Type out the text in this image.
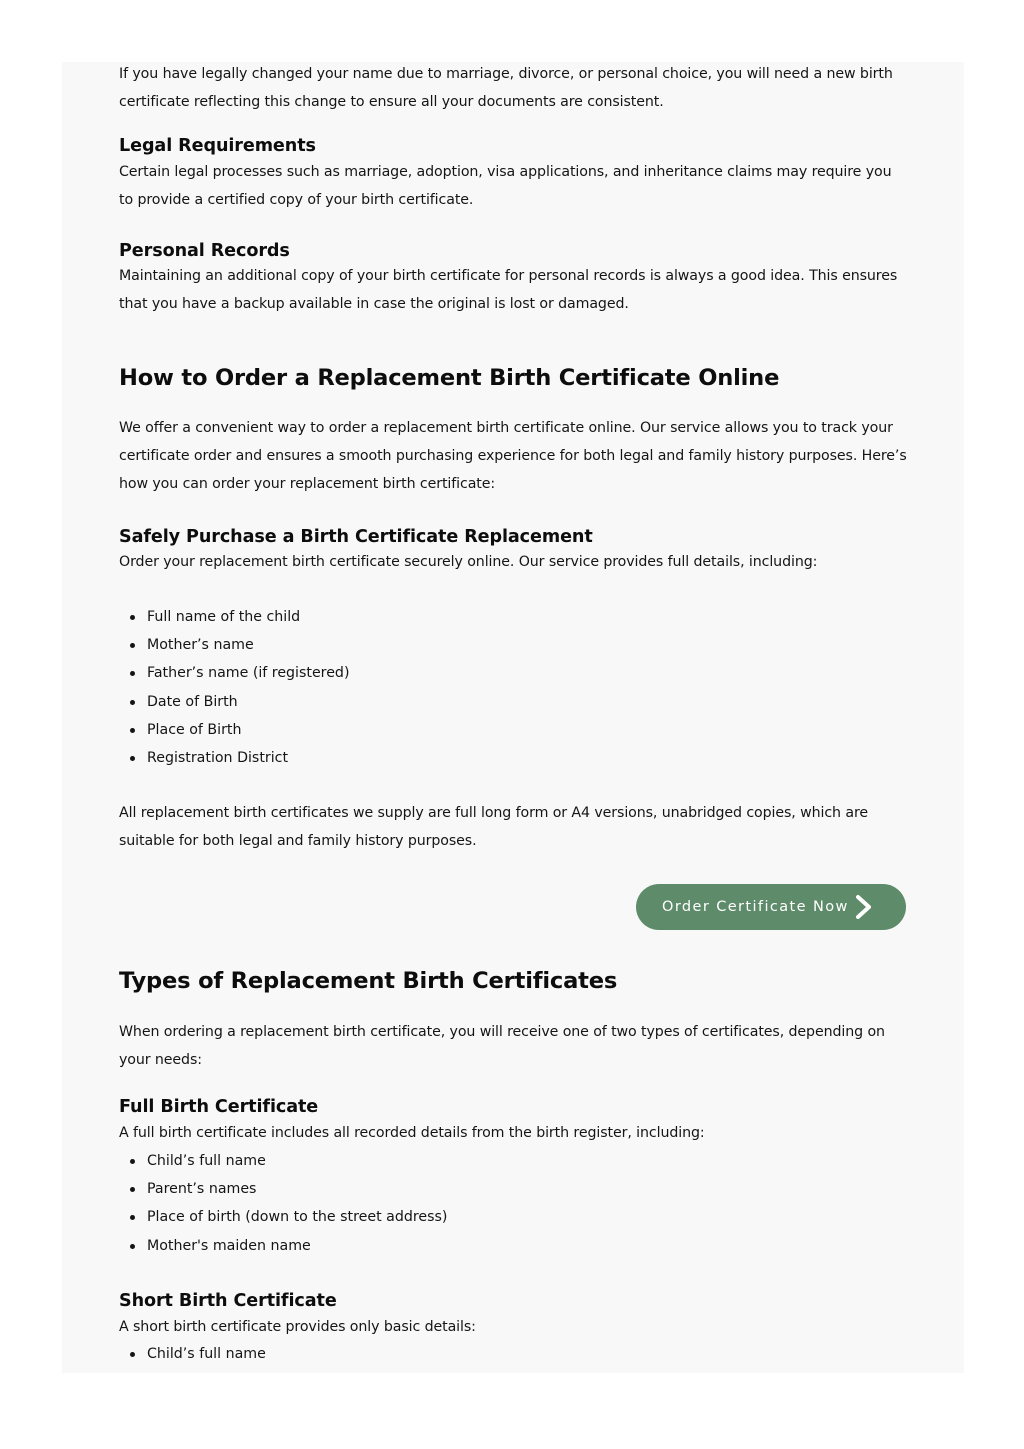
If you have legally changed your name due to marriage, divorce, or personal choice, you will need a new birth certificate reflecting this change to ensure all your documents are consistent.

Legal Requirements

Certain legal processes such as marriage, adoption, visa applications, and inheritance claims may require you to provide a certified copy of your birth certificate.

Personal Records

Maintaining an additional copy of your birth certificate for personal records is always a good idea. This ensures that you have a backup available in case the original is lost or damaged.

How to Order a Replacement Birth Certificate Online

We offer a convenient way to order a replacement birth certificate online. Our service allows you to track your certificate order and ensures a smooth purchasing experience for both legal and family history purposes. Here’s how you can order your replacement birth certificate:

Safely Purchase a Birth Certificate Replacement

Order your replacement birth certificate securely online. Our service provides full details, including:

Full name of the child
Mother’s name
Father’s name (if registered)
Date of Birth
Place of Birth
Registration District

All replacement birth certificates we supply are full long form or A4 versions, unabridged copies, which are suitable for both legal and family history purposes.

Order Certificate Now
Types of Replacement Birth Certificates

When ordering a replacement birth certificate, you will receive one of two types of certificates, depending on your needs:

Full Birth Certificate

A full birth certificate includes all recorded details from the birth register, including:

Child’s full name
Parent’s names
Place of birth (down to the street address)
Mother's maiden name
Short Birth Certificate

A short birth certificate provides only basic details:

Child’s full name
